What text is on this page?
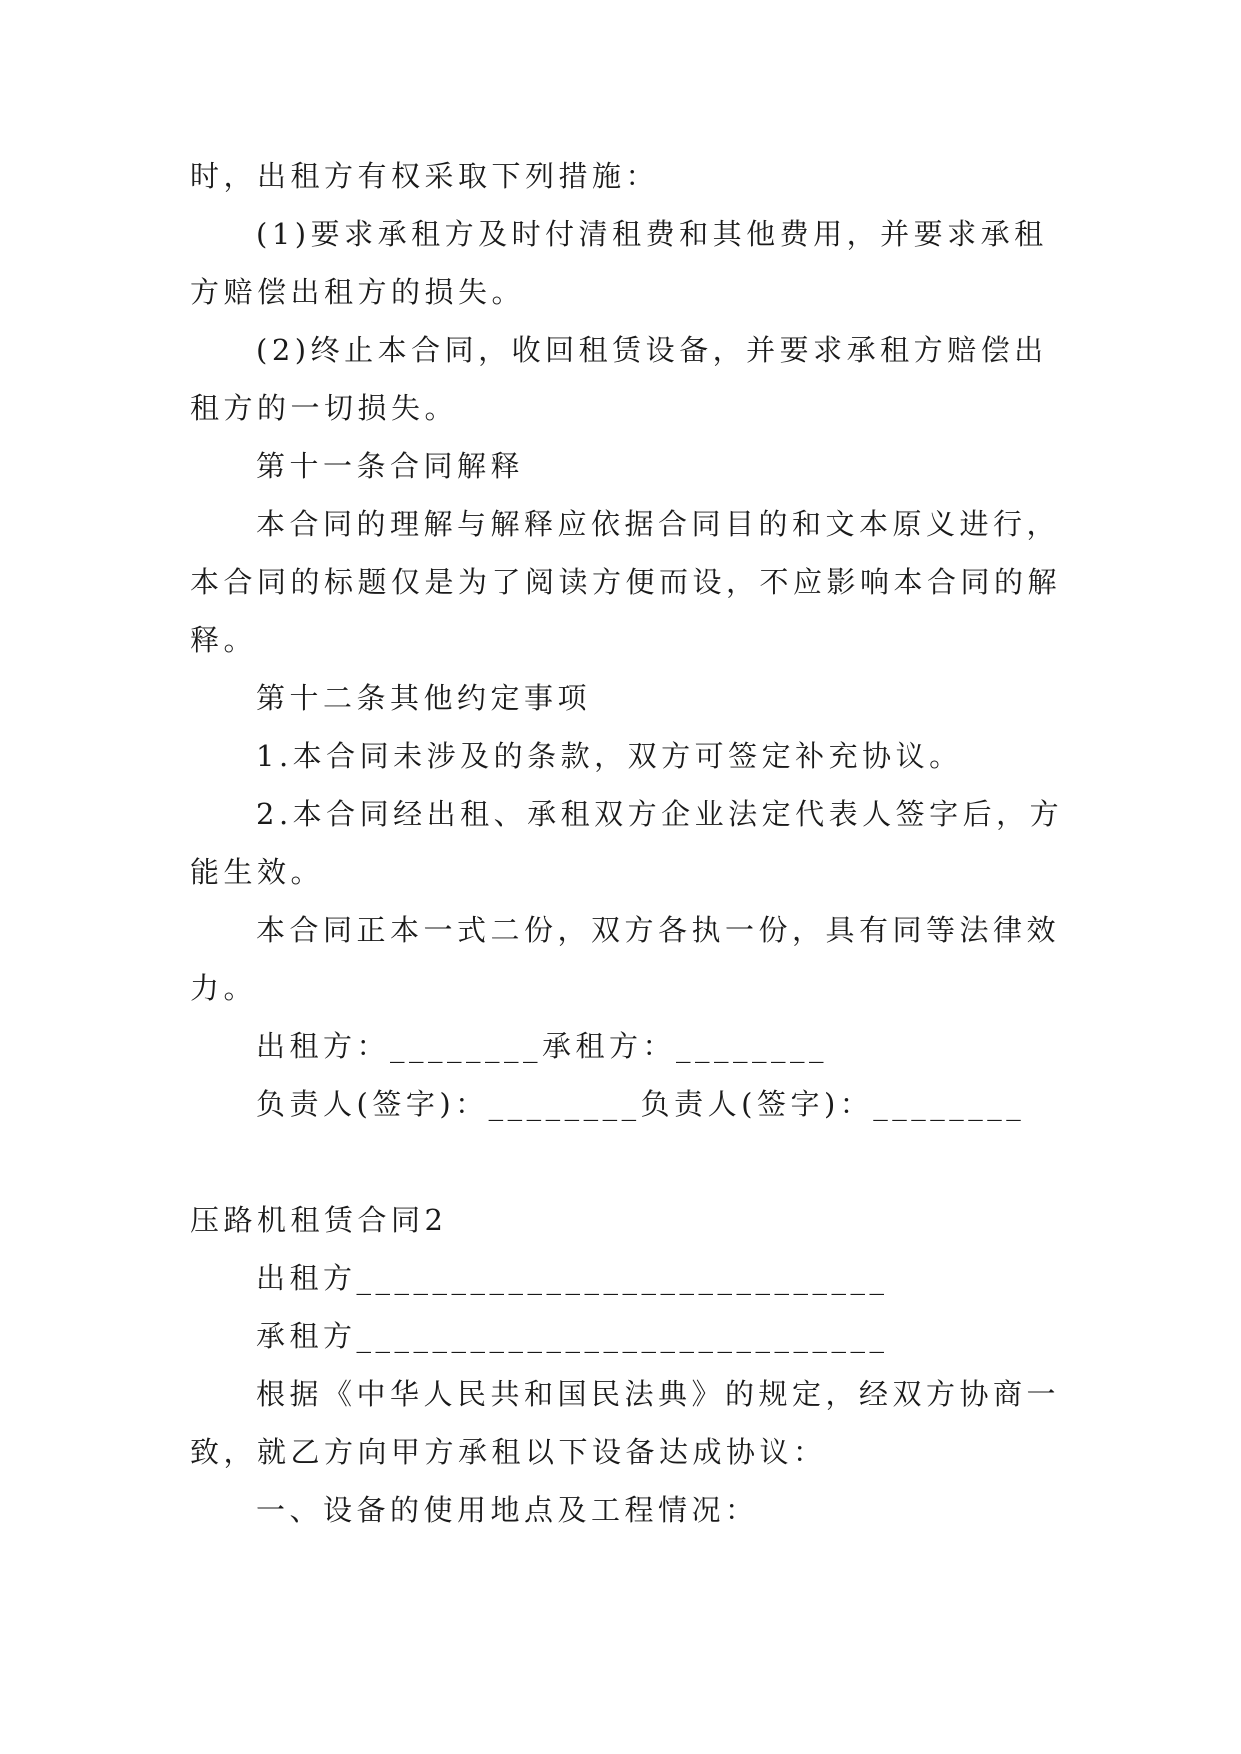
时，出租方有权采取下列措施：
(1)要求承租方及时付清租费和其他费用，并要求承租
方赔偿出租方的损失。
(2)终止本合同，收回租赁设备，并要求承租方赔偿出
租方的一切损失。
第十一条合同解释
本合同的理解与解释应依据合同目的和文本原义进行，
本合同的标题仅是为了阅读方便而设，不应影响本合同的解
释。
第十二条其他约定事项
1.本合同未涉及的条款，双方可签定补充协议。
2.本合同经出租、承租双方企业法定代表人签字后，方
能生效。
本合同正本一式二份，双方各执一份，具有同等法律效
力。
出租方：________承租方：________
负责人(签字)：________负责人(签字)：________
压路机租赁合同2
出租方____________________________
承租方____________________________
根据《中华人民共和国民法典》的规定，经双方协商一
致，就乙方向甲方承租以下设备达成协议：
一、设备的使用地点及工程情况：
